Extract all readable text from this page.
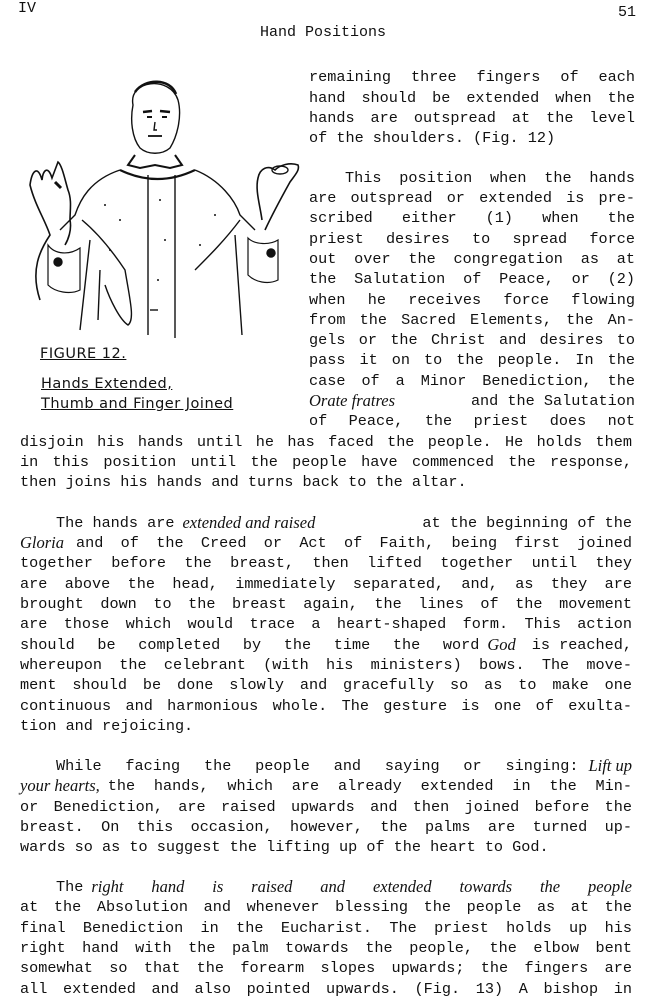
IV	51
Hand Positions
FIGURE 12.
Hands Extended,
Thumb and Finger Joined
remaining three fingers of each
hand should be extended when the
hands are outspread at the level
of the shoulders. (Fig. 12)
This position when the hands
are outspread or extended is pre-
scribed either (1) when the
priest desires to spread force
out over the congregation as at
the Salutation of Peace, or (2)
when he receives force flowing
from the Sacred Elements, the An-
gels or the Christ and desires to
pass it on to the people. In the
case of a Minor Benediction, the
Orate fratres	and the Salutation
of Peace, the priest does not
disjoin his hands until he has faced the people. He holds them
in this position until the people have commenced the response,
then joins his hands and turns back to the altar.
The hands are extended and raised	at the beginning of the
Gloria and of the Creed or Act of Faith, being first joined
together before the breast, then lifted together until they
are above the head, immediately separated, and, as they are
brought down to the breast again, the lines of the movement
are those which would trace a heart-shaped form. This action
should be completed by the time the word God is reached,
whereupon the celebrant (with his ministers) bows. The move-
ment should be done slowly and gracefully so as to make one
continuous and harmonious whole. The gesture is one of exulta-
tion and rejoicing.
While facing the people and saying or singing: Lift up
your hearts, the hands, which are already extended in the Min-
or Benediction, are raised upwards and then joined before the
breast. On this occasion, however, the palms are turned up-
wards so as to suggest the lifting up of the heart to God.
The right hand is raised and extended towards the people
at the Absolution and whenever blessing the people as at the
final Benediction in the Eucharist. The priest holds up his
right hand with the palm towards the people, the elbow bent
somewhat so that the forearm slopes upwards; the fingers are
all extended and also pointed upwards. (Fig. 13) A bishop in
